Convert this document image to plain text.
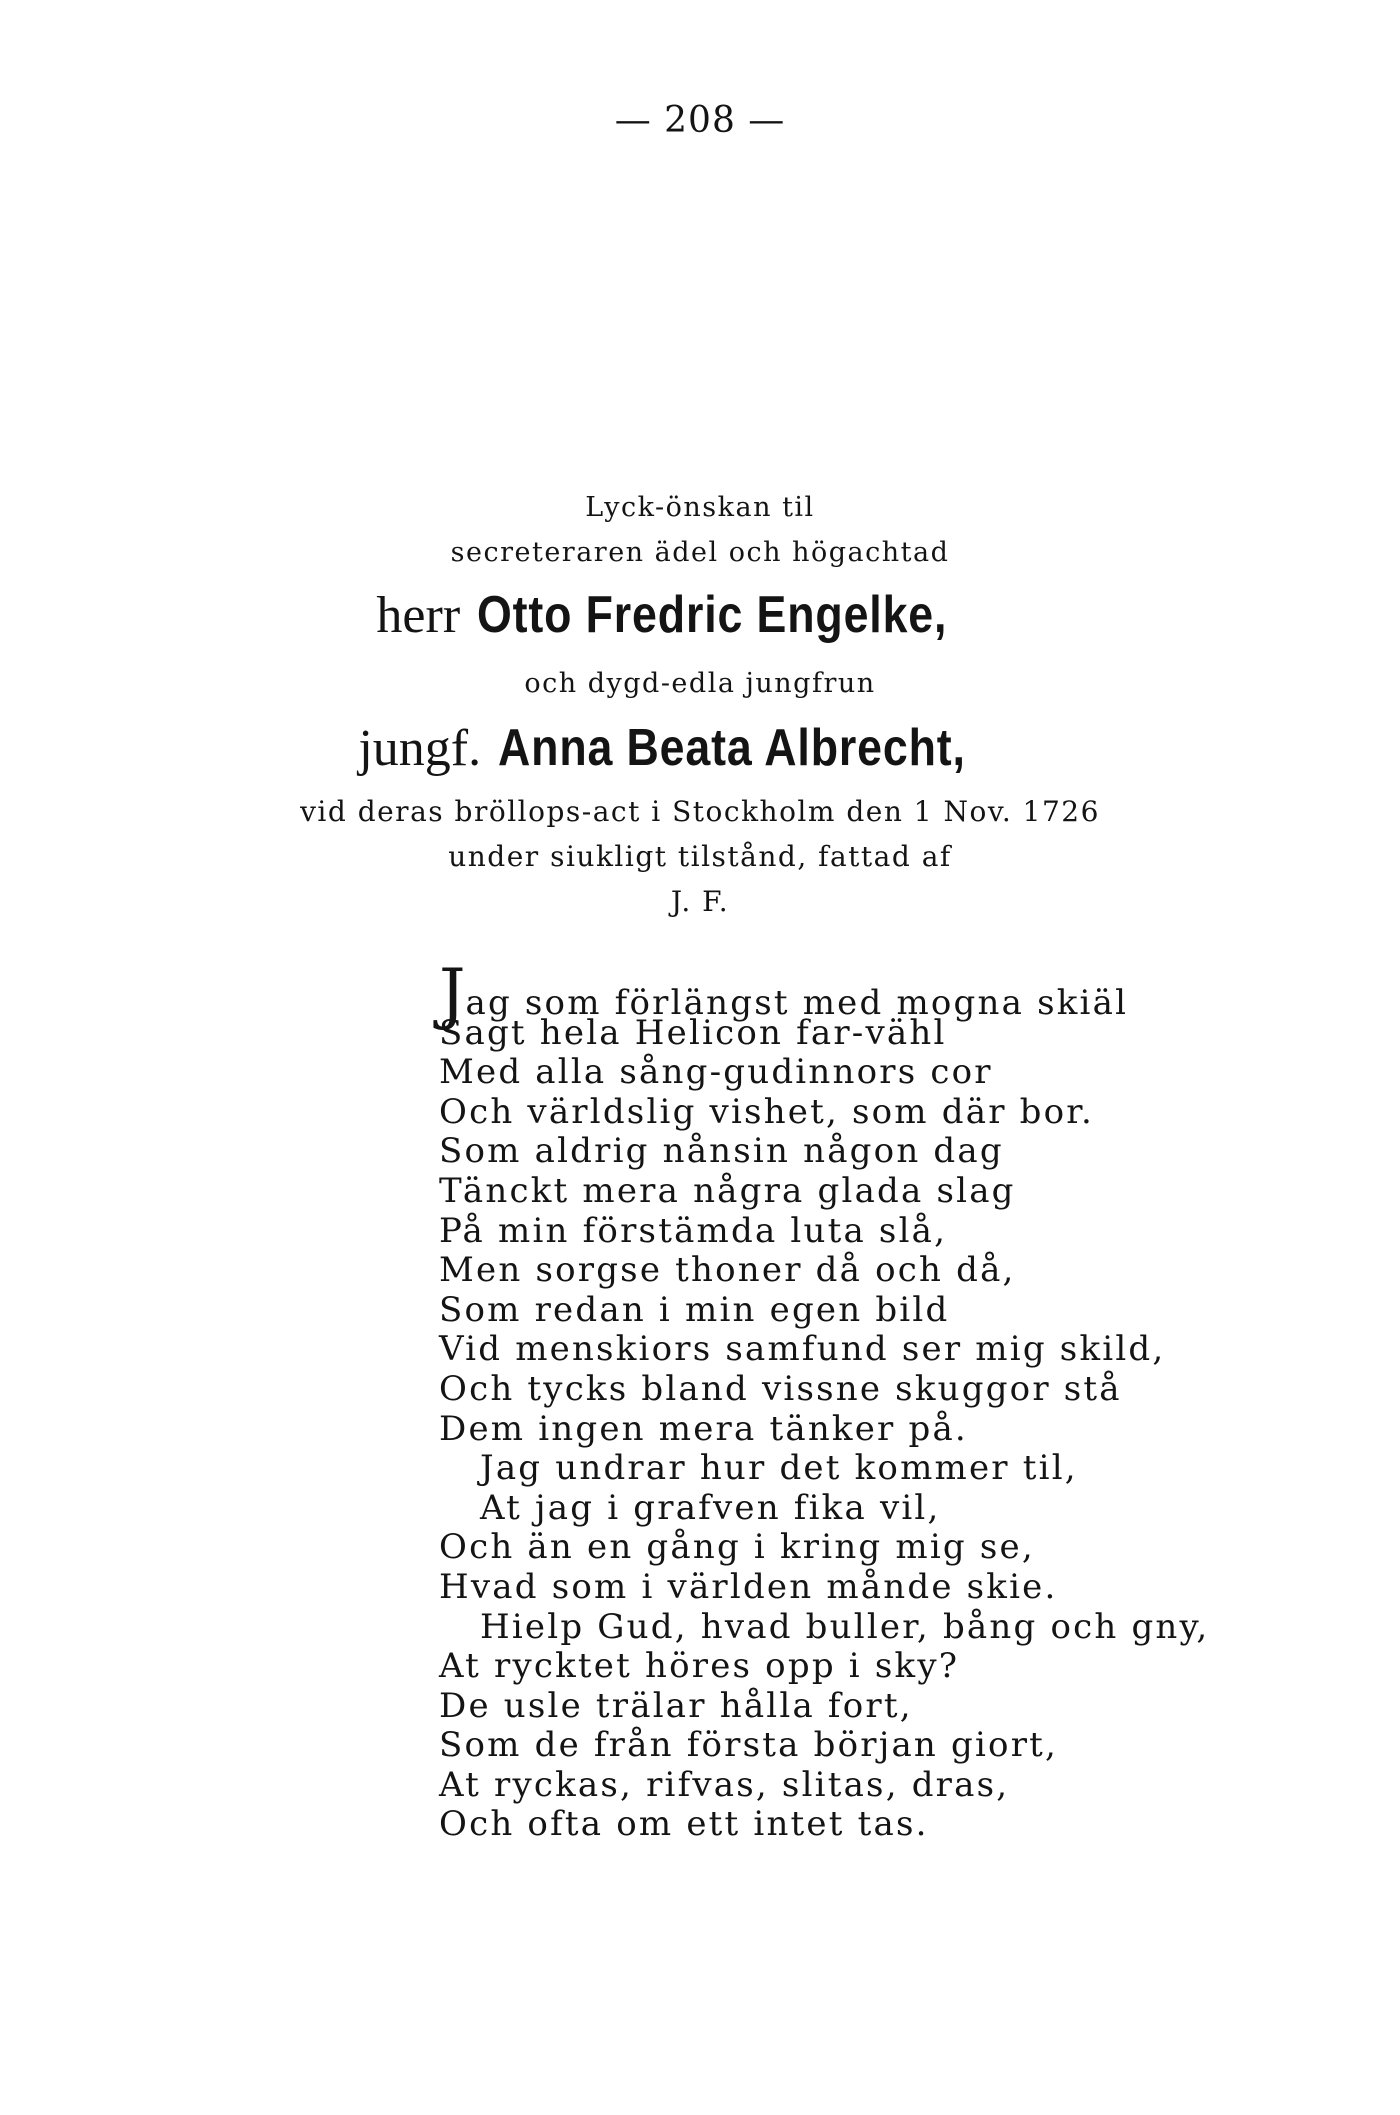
— 208 —
Lyck-önskan til
secreteraren ädel och högachtad
herr Otto Fredric Engelke,
och dygd-edla jungfrun
jungf. Anna Beata Albrecht,
vid deras bröllops-act i Stockholm den 1 Nov. 1726
under siukligt tilstånd, fattad af
J. F.
Jag som förlängst med mogna skiäl
Sagt hela Helicon far-vähl
Med alla sång-gudinnors cor
Och världslig vishet, som där bor.
Som aldrig nånsin någon dag
Tänckt mera några glada slag
På min förstämda luta slå,
Men sorgse thoner då och då,
Som redan i min egen bild
Vid menskiors samfund ser mig skild,
Och tycks bland vissne skuggor stå
Dem ingen mera tänker på.
Jag undrar hur det kommer til,
At jag i grafven fika vil,
Och än en gång i kring mig se,
Hvad som i världen månde skie.
Hielp Gud, hvad buller, bång och gny,
At rycktet höres opp i sky?
De usle trälar hålla fort,
Som de från första början giort,
At ryckas, rifvas, slitas, dras,
Och ofta om ett intet tas.
